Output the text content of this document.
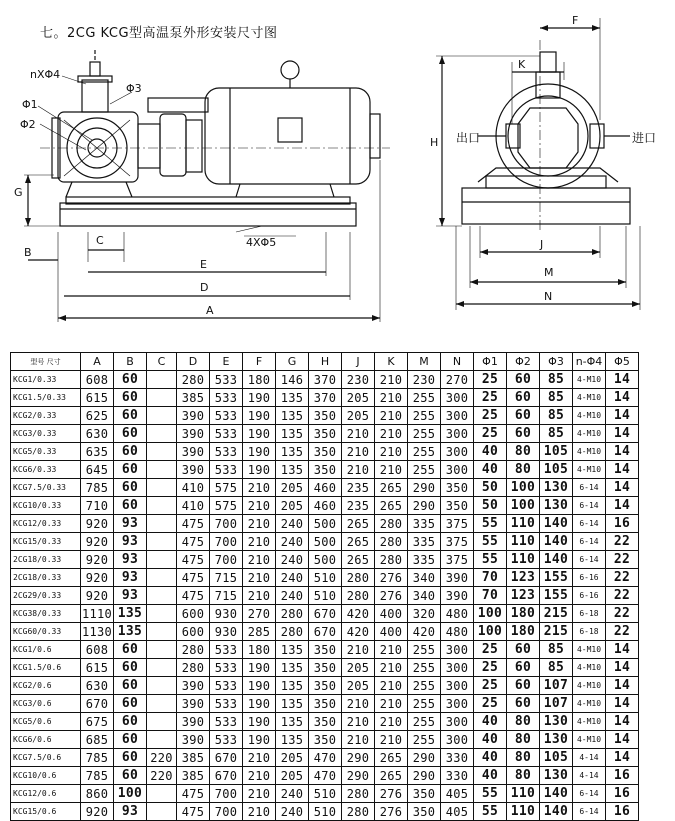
七。2CG KCG型高温泵外形安装尺寸图
nXΦ4
Φ3
Φ1
Φ2
G
B
C
E
D
A
4XΦ5
F
K
H 出口	进口
J
M
N
型号 尺寸	A	B	C	D	E	F	G	H	J	K	M	N	Φ1	Φ2	Φ3	n-Φ4	Φ5
KCG1/0.33	608	60		280	533	180	146	370	230	210	230	270	25	60	85	4-M10	14
KCG1.5/0.33	615	60		385	533	190	135	370	205	210	255	300	25	60	85	4-M10	14
KCG2/0.33	625	60		390	533	190	135	350	205	210	255	300	25	60	85	4-M10	14
KCG3/0.33	630	60		390	533	190	135	350	210	210	255	300	25	60	85	4-M10	14
KCG5/0.33	635	60		390	533	190	135	350	210	210	255	300	40	80	105	4-M10	14
KCG6/0.33	645	60		390	533	190	135	350	210	210	255	300	40	80	105	4-M10	14
KCG7.5/0.33	785	60		410	575	210	205	460	235	265	290	350	50	100	130	6-14	14
KCG10/0.33	710	60		410	575	210	205	460	235	265	290	350	50	100	130	6-14	14
KCG12/0.33	920	93		475	700	210	240	500	265	280	335	375	55	110	140	6-14	16
KCG15/0.33	920	93		475	700	210	240	500	265	280	335	375	55	110	140	6-14	22
2CG18/0.33	920	93		475	700	210	240	500	265	280	335	375	55	110	140	6-14	22
2CG18/0.33	920	93		475	715	210	240	510	280	276	340	390	70	123	155	6-16	22
2CG29/0.33	920	93		475	715	210	240	510	280	276	340	390	70	123	155	6-16	22
KCG38/0.33	1110	135		600	930	270	280	670	420	400	320	480	100	180	215	6-18	22
KCG60/0.33	1130	135		600	930	285	280	670	420	400	420	480	100	180	215	6-18	22
KCG1/0.6	608	60		280	533	180	135	350	210	210	255	300	25	60	85	4-M10	14
KCG1.5/0.6	615	60		280	533	190	135	350	205	210	255	300	25	60	85	4-M10	14
KCG2/0.6	630	60		390	533	190	135	350	205	210	255	300	25	60	107	4-M10	14
KCG3/0.6	670	60		390	533	190	135	350	210	210	255	300	25	60	107	4-M10	14
KCG5/0.6	675	60		390	533	190	135	350	210	210	255	300	40	80	130	4-M10	14
KCG6/0.6	685	60		390	533	190	135	350	210	210	255	300	40	80	130	4-M10	14
KCG7.5/0.6	785	60	220	385	670	210	205	470	290	265	290	330	40	80	105	4-14	14
KCG10/0.6	785	60	220	385	670	210	205	470	290	265	290	330	40	80	130	4-14	16
KCG12/0.6	860	100		475	700	210	240	510	280	276	350	405	55	110	140	6-14	16
KCG15/0.6	920	93		475	700	210	240	510	280	276	350	405	55	110	140	6-14	16
